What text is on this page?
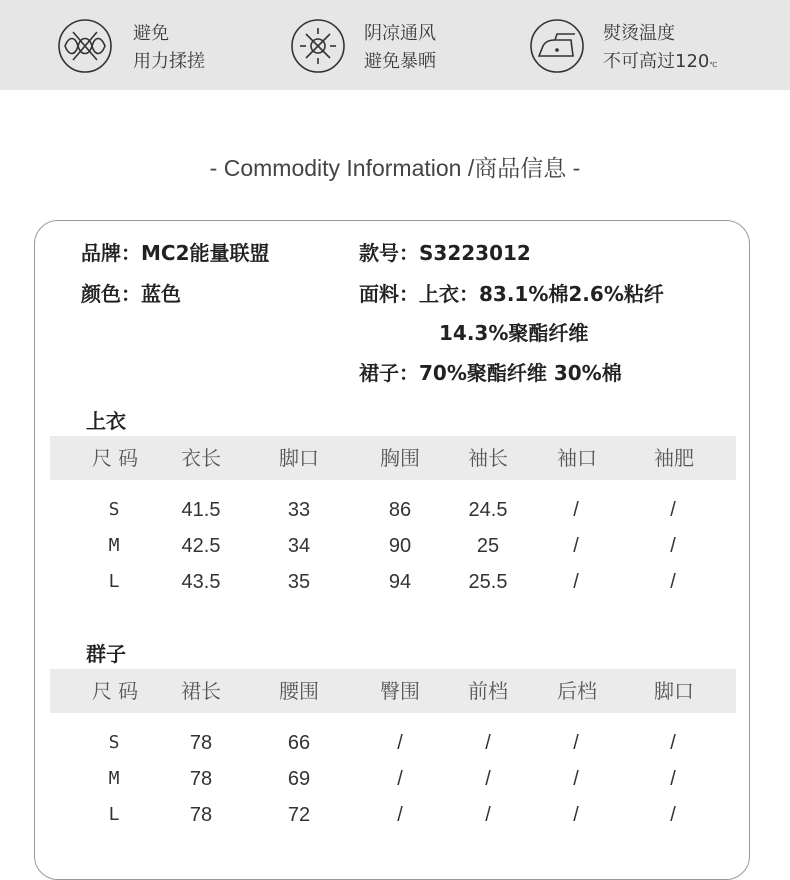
避免
用力揉搓
阴凉通风
避免暴晒
熨烫温度
不可高过120℃
- Commodity Information /商品信息 -
品牌：MC2能量联盟	款号：S3223012
颜色：蓝色	面料：上衣：83.1%棉2.6%粘纤
14.3%聚酯纤维
裙子：70%聚酯纤维 30%棉
上衣
尺 码	衣长	脚口	胸围	袖长	袖口	袖肥
S	41.5	33	86	24.5	/	/
M	42.5	34	90	25	/	/
L	43.5	35	94	25.5	/	/
群子
尺 码	裙长	腰围	臀围	前档	后档	脚口
S	78	66	/	/	/	/
M	78	69	/	/	/	/
L	78	72	/	/	/	/
